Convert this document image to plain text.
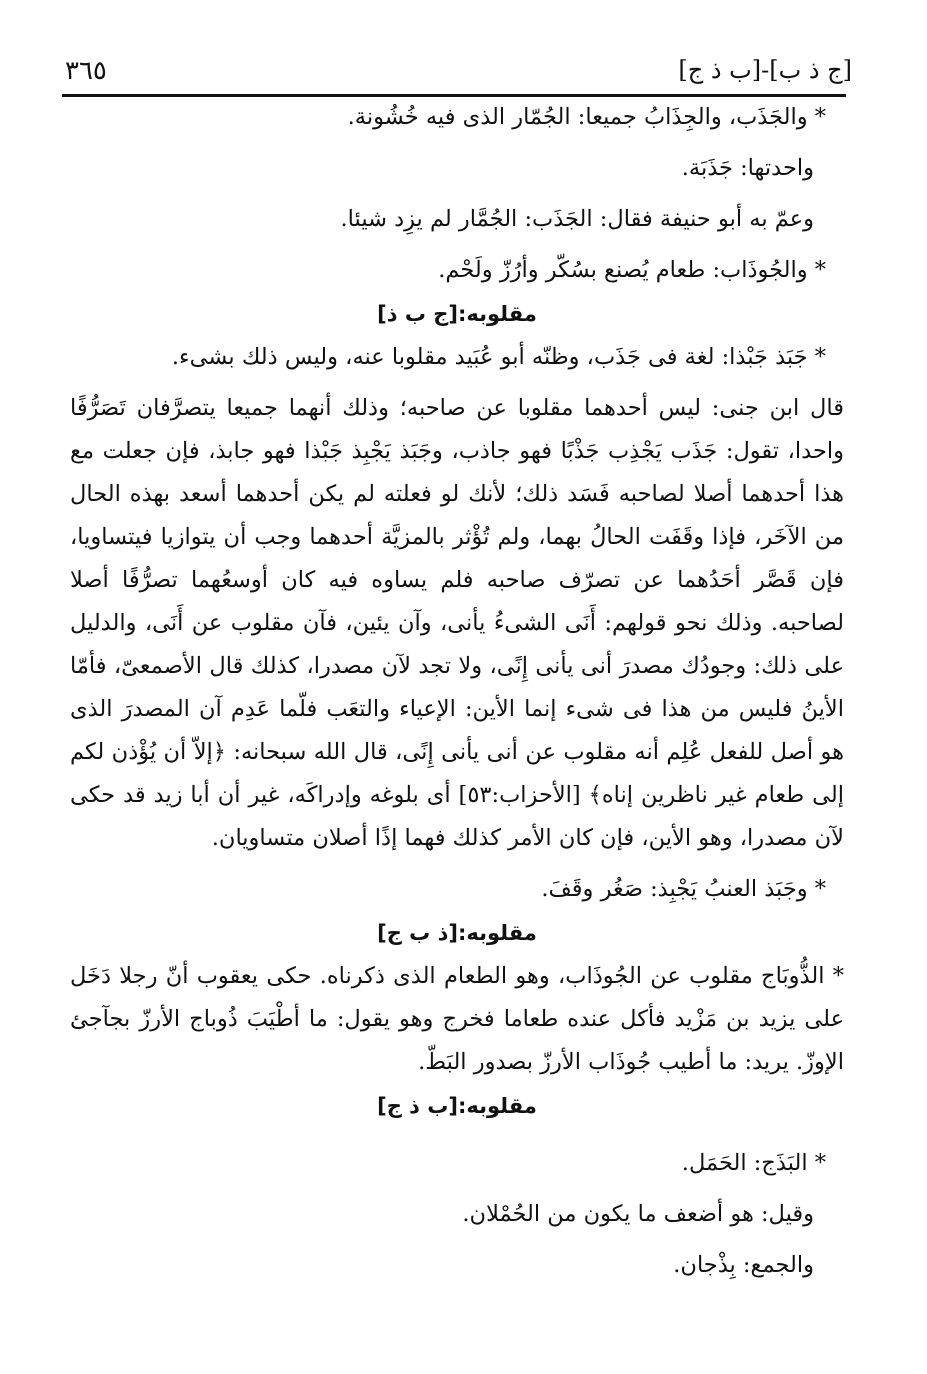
٣٦٥	[ج ذ ب]-[ب ذ ج]
* والجَذَب، والجِذَابُ جميعا: الجُمّار الذى فيه خُشُونة.
واحدتها: جَذَبَة.
وعمّ به أبو حنيفة فقال: الجَذَب: الجُمَّار لم يزِد شيئا.
* والجُوذَاب: طعام يُصنع بسُكّر وأرُزّ ولَحْم.
مقلوبه:[ج ب ذ]
* جَبَذ جَبْذا: لغة فى جَذَب، وظنّه أبو عُبَيد مقلوبا عنه، وليس ذلك بشىء.
قال ابن جنى: ليس أحدهما مقلوبا عن صاحبه؛ وذلك أنهما جميعا يتصرَّفان تَصَرُّفًا واحدا، تقول: جَذَب يَجْذِب جَذْبًا فهو جاذب، وجَبَذ يَجْبِذ جَبْذا فهو جابذ، فإن جعلت مع هذا أحدهما أصلا لصاحبه فَسَد ذلك؛ لأنك لو فعلته لم يكن أحدهما أسعد بهذه الحال من الآخَر، فإذا وقَفَت الحالُ بهما، ولم تُؤْثر بالمزيَّة أحدهما وجب أن يتوازيا فيتساويا، فإن قَصَّر أحَدُهما عن تصرّف صاحبه فلم يساوه فيه كان أوسعُهما تصرُّفًا أصلا لصاحبه. وذلك نحو قولهم: أَنَى الشىءُ يأنى، وآن يئين، فآن مقلوب عن أَنَى، والدليل على ذلك: وجودُك مصدرَ أنى يأنى إِنًى، ولا تجد لآن مصدرا، كذلك قال الأصمعىّ، فأمّا الأينُ فليس من هذا فى شىء إنما الأين: الإعياء والتعَب فلّما عَدِم آن المصدرَ الذى هو أصل للفعل عُلِم أنه مقلوب عن أنى يأنى إِنًى، قال الله سبحانه: ﴿إلاّ أن يُؤْذن لكم إلى طعام غير ناظرين إناه﴾ [الأحزاب:٥٣] أى بلوغه وإدراكَه، غير أن أبا زيد قد حكى لآن مصدرا، وهو الأين، فإن كان الأمر كذلك فهما إذًا أصلان متساويان.
* وجَبَذ العنبُ يَجْبِذ: صَغُر وقَفَ.
مقلوبه:[ذ ب ج]
* الذُّوبَاج مقلوب عن الجُوذَاب، وهو الطعام الذى ذكرناه. حكى يعقوب أنّ رجلا دَخَل على يزيد بن مَزْيد فأكل عنده طعاما فخرج وهو يقول: ما أطْيَبَ ذُوباج الأرزّ بجآجئ الإوزّ. يريد: ما أطيب جُوذَاب الأرزّ بصدور البَطّ.
مقلوبه:[ب ذ ج]
* البَذَج: الحَمَل.
وقيل: هو أضعف ما يكون من الحُمْلان.
والجمع: بِذْجان.
